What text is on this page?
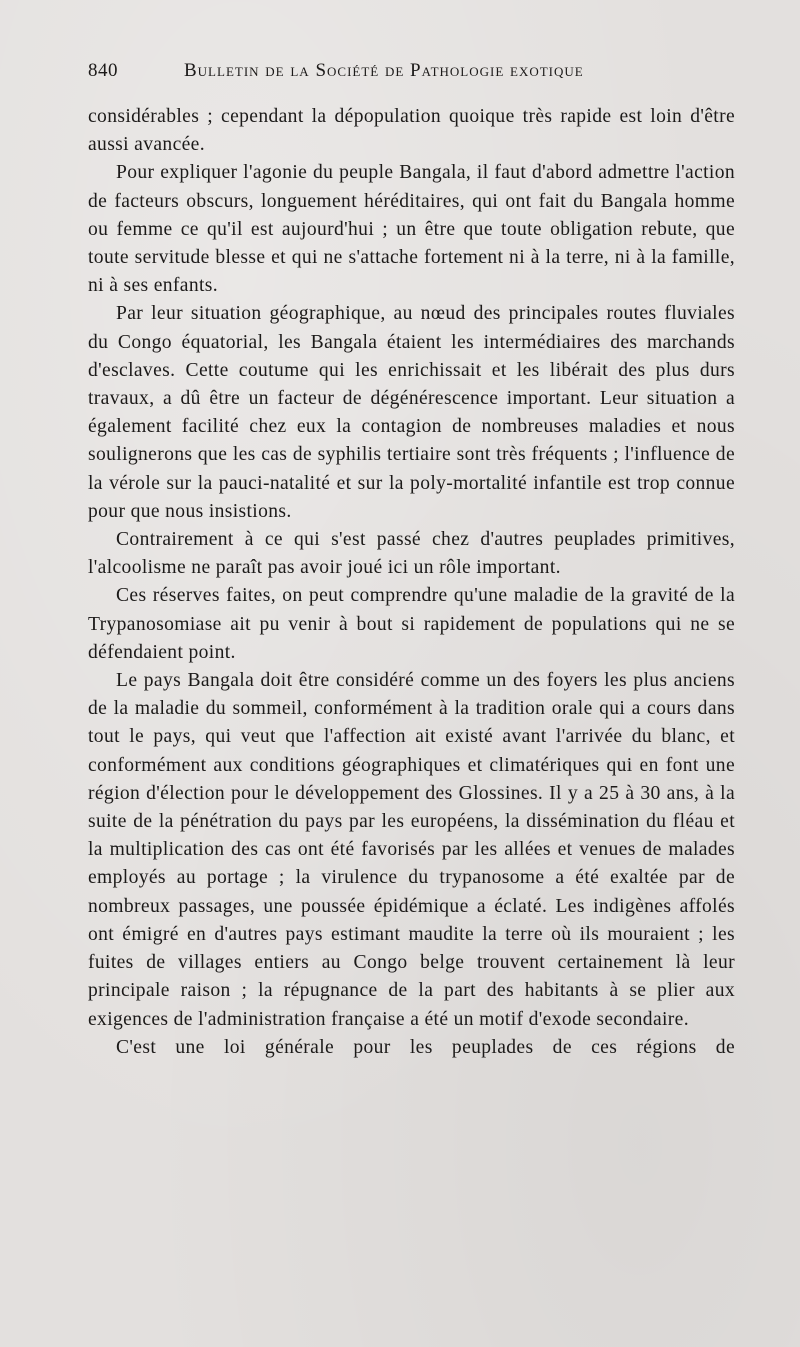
840	Bulletin de la Société de Pathologie exotique

considérables ; cependant la dépopulation quoique très rapide est loin d'être aussi avancée.

Pour expliquer l'agonie du peuple Bangala, il faut d'abord admettre l'action de facteurs obscurs, longuement héréditaires, qui ont fait du Bangala homme ou femme ce qu'il est aujourd'hui ; un être que toute obligation rebute, que toute servitude blesse et qui ne s'attache fortement ni à la terre, ni à la famille, ni à ses enfants.

Par leur situation géographique, au nœud des principales routes fluviales du Congo équatorial, les Bangala étaient les intermédiaires des marchands d'esclaves. Cette coutume qui les enrichissait et les libérait des plus durs travaux, a dû être un facteur de dégénérescence important. Leur situation a également facilité chez eux la contagion de nombreuses maladies et nous soulignerons que les cas de syphilis tertiaire sont très fréquents ; l'influence de la vérole sur la pauci-natalité et sur la poly-mortalité infantile est trop connue pour que nous insistions.

Contrairement à ce qui s'est passé chez d'autres peuplades primitives, l'alcoolisme ne paraît pas avoir joué ici un rôle important.

Ces réserves faites, on peut comprendre qu'une maladie de la gravité de la Trypanosomiase ait pu venir à bout si rapidement de populations qui ne se défendaient point.

Le pays Bangala doit être considéré comme un des foyers les plus anciens de la maladie du sommeil, conformément à la tradition orale qui a cours dans tout le pays, qui veut que l'affection ait existé avant l'arrivée du blanc, et conformément aux conditions géographiques et climatériques qui en font une région d'élection pour le développement des Glossines. Il y a 25 à 30 ans, à la suite de la pénétration du pays par les européens, la dissémination du fléau et la multiplication des cas ont été favorisés par les allées et venues de malades employés au portage ; la virulence du trypanosome a été exaltée par de nombreux passages, une poussée épidémique a éclaté. Les indigènes affolés ont émigré en d'autres pays estimant maudite la terre où ils mouraient ; les fuites de villages entiers au Congo belge trouvent certainement là leur principale raison ; la répugnance de la part des habitants à se plier aux exigences de l'administration française a été un motif d'exode secondaire.

C'est une loi générale pour les peuplades de ces régions de
